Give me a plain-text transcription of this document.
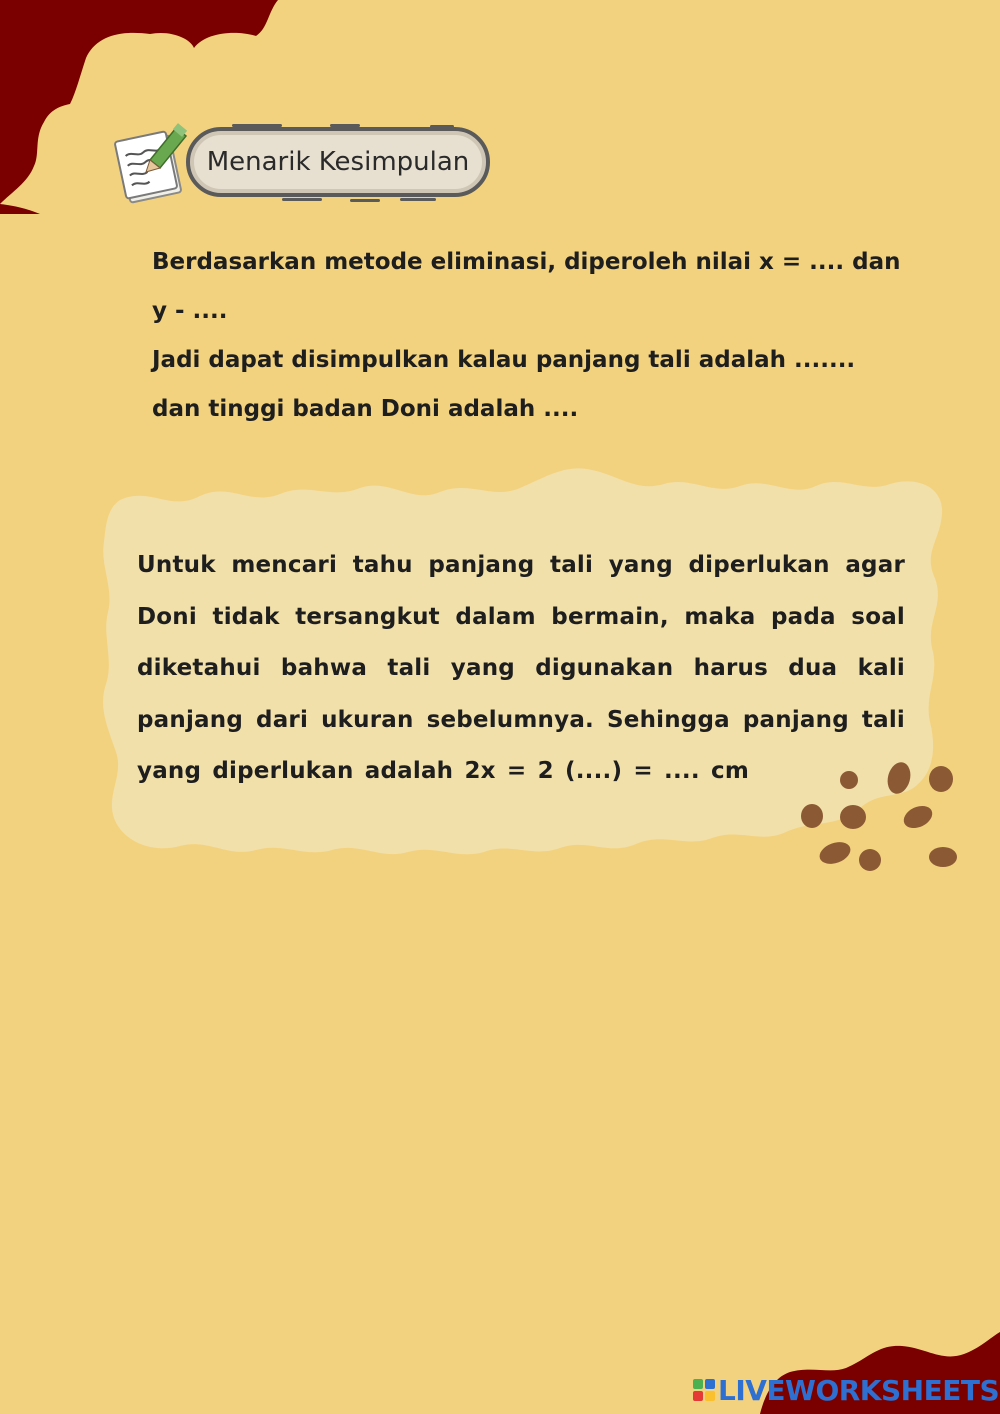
Menarik Kesimpulan
Berdasarkan metode eliminasi, diperoleh nilai x = .... dan
y - ....
Jadi dapat disimpulkan kalau panjang tali adalah .......
dan tinggi badan Doni adalah ....
Untuk mencari tahu panjang tali yang diperlukan agar Doni tidak tersangkut dalam bermain, maka pada soal diketahui bahwa tali yang digunakan harus dua kali panjang dari ukuran sebelumnya. Sehingga panjang tali yang diperlukan adalah 2x = 2 (....) = .... cm
LIVEWORKSHEETS
